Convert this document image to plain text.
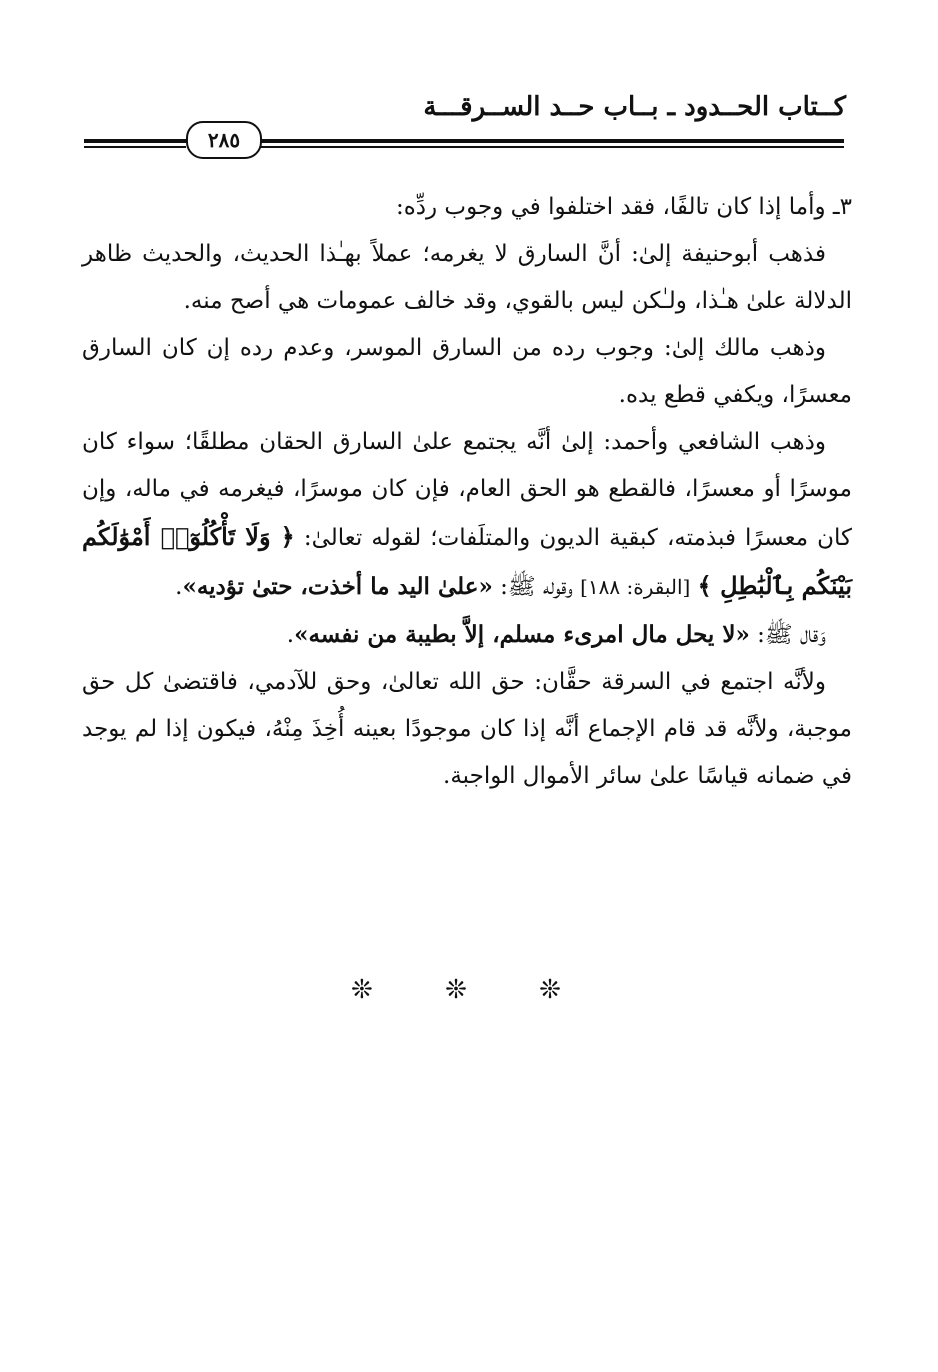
كــتاب الحــدود ـ بــاب حــد الســرقـــة
٢٨٥

٣ـ وأما إذا كان تالفًا، فقد اختلفوا في وجوب ردِّه:

فذهب أبوحنيفة إلىٰ: أنَّ السارق لا يغرمه؛ عملاً بهـٰذا الحديث، والحديث ظاهر الدلالة علىٰ هـٰذا، ولـٰكن ليس بالقوي، وقد خالف عمومات هي أصح منه.

وذهب مالك إلىٰ: وجوب رده من السارق الموسر، وعدم رده إن كان السارق معسرًا، ويكفي قطع يده.

وذهب الشافعي وأحمد: إلىٰ أنَّه يجتمع علىٰ السارق الحقان مطلقًا؛ سواء كان موسرًا أو معسرًا، فالقطع هو الحق العام، فإن كان موسرًا، فيغرمه في ماله، وإن كان معسرًا فبذمته، كبقية الديون والمتلَفات؛ لقوله تعالىٰ: ﴿ وَلَا تَأْكُلُوٓا۟ أَمْوَٰلَكُم بَيْنَكُم بِٱلْبَٰطِلِ ﴾ [البقرة: ١٨٨] وقوله ﷺ: «علىٰ اليد ما أخذت، حتىٰ تؤديه».

وَقال ﷺ: «لا يحل مال امرىء مسلم، إلاَّ بطيبة من نفسه».

ولأنَّه اجتمع في السرقة حقَّان: حق الله تعالىٰ، وحق للآدمي، فاقتضىٰ كل حق موجبة، ولأنَّه قد قام الإجماع أنَّه إذا كان موجودًا بعينه أُخِذَ مِنْهُ، فيكون إذا لم يوجد في ضمانه قياسًا علىٰ سائر الأموال الواجبة.

❊ ❊ ❊
